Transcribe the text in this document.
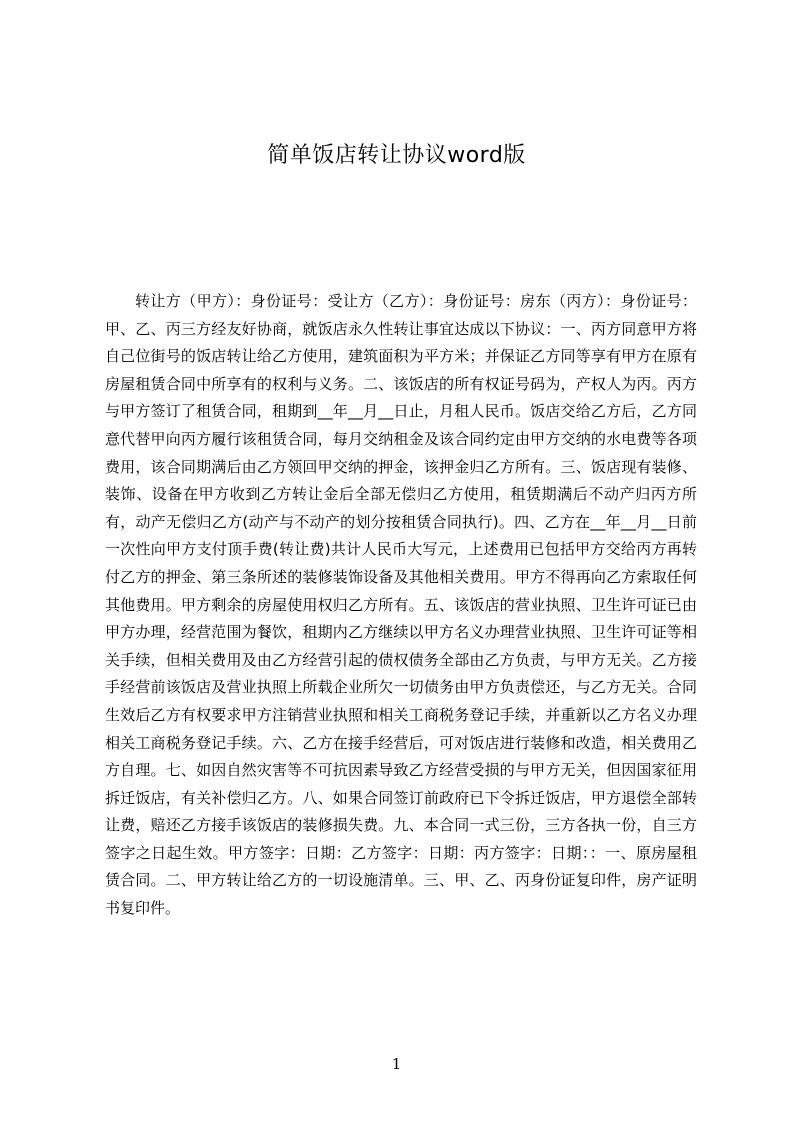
简单饭店转让协议word版

转让方（甲方）：身份证号：受让方（乙方）：身份证号：房东（丙方）：身份证号：甲、乙、丙三方经友好协商，就饭店永久性转让事宜达成以下协议：一、丙方同意甲方将自己位街号的饭店转让给乙方使用，建筑面积为平方米；并保证乙方同等享有甲方在原有房屋租赁合同中所享有的权利与义务。二、该饭店的所有权证号码为，产权人为丙。丙方与甲方签订了租赁合同，租期到__年__月__日止，月租人民币。饭店交给乙方后，乙方同意代替甲向丙方履行该租赁合同，每月交纳租金及该合同约定由甲方交纳的水电费等各项费用，该合同期满后由乙方领回甲交纳的押金，该押金归乙方所有。三、饭店现有装修、装饰、设备在甲方收到乙方转让金后全部无偿归乙方使用，租赁期满后不动产归丙方所有，动产无偿归乙方(动产与不动产的划分按租赁合同执行)。四、乙方在__年__月__日前一次性向甲方支付顶手费(转让费)共计人民币大写元，上述费用已包括甲方交给丙方再转付乙方的押金、第三条所述的装修装饰设备及其他相关费用。甲方不得再向乙方索取任何其他费用。甲方剩余的房屋使用权归乙方所有。五、该饭店的营业执照、卫生许可证已由甲方办理，经营范围为餐饮，租期内乙方继续以甲方名义办理营业执照、卫生许可证等相关手续，但相关费用及由乙方经营引起的债权债务全部由乙方负责，与甲方无关。乙方接手经营前该饭店及营业执照上所载企业所欠一切债务由甲方负责偿还，与乙方无关。合同生效后乙方有权要求甲方注销营业执照和相关工商税务登记手续，并重新以乙方名义办理相关工商税务登记手续。六、乙方在接手经营后，可对饭店进行装修和改造，相关费用乙方自理。七、如因自然灾害等不可抗因素导致乙方经营受损的与甲方无关，但因国家征用拆迁饭店，有关补偿归乙方。八、如果合同签订前政府已下令拆迁饭店，甲方退偿全部转让费，赔还乙方接手该饭店的装修损失费。九、本合同一式三份，三方各执一份，自三方签字之日起生效。甲方签字：日期：乙方签字：日期：丙方签字：日期：：一、原房屋租赁合同。二、甲方转让给乙方的一切设施清单。三、甲、乙、丙身份证复印件，房产证明书复印件。

1
